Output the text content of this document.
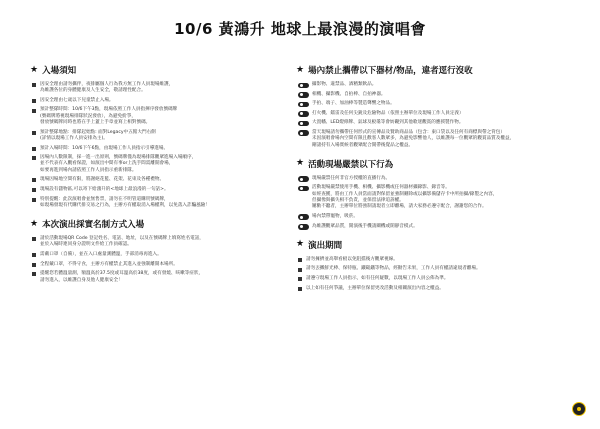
10/6 黃鴻升 地球上最浪漫的演唱會
★ 入場須知
因安全理由請勿攜伴，夜排屬個人行為我方無工作人員現場維護，
為維護各位的身體健康及人生安全，敬請理性配合。
因安全理由七歲以下兒童禁止入場。
預計整隊時間：10/6下午3點，現場依照工作人員指揮序發放號碼牌
(號碼牌將視現場排隊狀況發放），為避免紛爭，
發放號碼牌同時也將在手上蓋上手章並寫上相對號碼。
預計整隊地點：排隊起始點: 面對Legacy中五館大門右側
(詳情以現場工作人員安排為主)。
預計入場時間：10/6下午6點，由現場工作人員指示引導進場。
因場內人數限制，採一進一出原則，號碼牌僅為現場排隊觀眾進場入場順序，
並不代表有入觀看保證，如演出中間有事or上洗手間需離開會場，
如要再進到場內請依照工作人員指示重新排隊。
現場因場地空間有限，將謝絕花籃、花架、花束及各種禮物。
現場設有儲物區,可以寄下給鴻升的<地球上最浪漫的一句話>。
特別提醒：此次演唱會並無售票，請勿在不明管道購買號碼牌，
如現場發現有代購代排交易之行為，主辦方有權取消入場權利，以免落入詐騙風險！
★ 本次演出採實名制方式入場
請於活動現場QR Code 登記姓名、電話、地址，以及在號碼牌上填寫姓名電話，
並於入場時連同身分證明文件給工作員確認。
需戴口罩（自備），並在入口處量測體溫，手部消毒再進入。
全程戴口罩，不得守食，主辦方有權禁止其進入並強制離開本場所。
提醒您若體溫量測，額溫高於37.5度或耳溫高於38度，或有發燒、咳嗽等症狀，
請勿進入，以維護自身及他人健康安全！
★ 場內禁止攜帶以下器材/物品，違者逕行沒收
攝影物、違禁品、酒精類飲品。
相機、攝影機、自拍棒、自拍神器。
手拍、端子、加油棒等製造聲響之物品。
打火機、鐳雷及任何尖銳及危險物品（依照主辦單位及現場工作人員定義）
大置幡、LED燈條牌、氣球及板羹等會妨礙到其他歌迷觀賞的應援製作物。
當天現場請勿攜帶任何形式的宣傳品及贊助商品品（包含：東口袋以及任何有商標與帶之背包）
未因演唱會場內空間有限且歡客人數眾多，為避免影響他人，以維護每一位觀眾的觀賞品質及權益，
剛諸持有入場實候者觀眾配合開帶後覺品之權益。
★ 活動現場嚴禁以下行為
現場嚴禁任何非官方授權的直播行為。
活動現場嚴禁使用手機、相機、攝影機或任何器材攝錄影、錄音等。
如經查獲，將由工作人員當面請對保留並強制刪除或以攝影備儲存卡中所拍攝/錄製之內容，
但攝像與攝失相不負責，並保留法律追訴權。
屢勸不聽者，主辦單位將強制請現者立即離場，請大家務必遵守配合，謝謝您的合作。
場內禁帶寵物，吸菸。
為維護觀眾品質，開演後手機請關機或開靜音模式。
★ 演出期間
請勿擁擠並高舉看板以免阻擋後方觀眾視線。
請勿丟擲鮮光棒、保特瓶、鐵鎚鐵等物品，經勸告未果，工作人員有權請違規者離場。
請遵守現場工作人員指示，如有任何疑數，以現場工作人員公佈為準。
以上如有任何爭議，主辦單位保留更改活動及相關演出內容之權益。
